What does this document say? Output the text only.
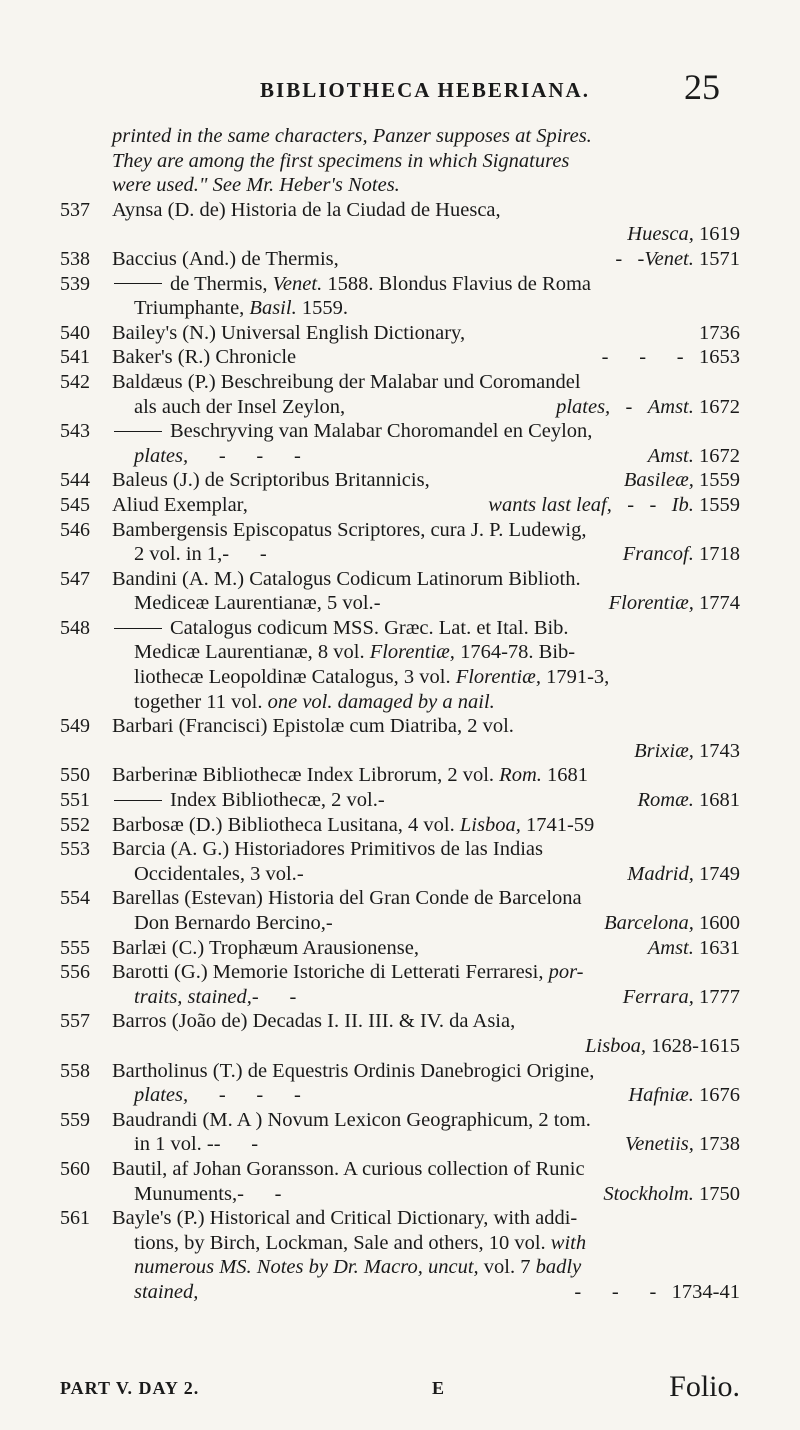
BIBLIOTHECA HEBERIANA.	25
printed in the same characters, Panzer supposes at Spires.
They are among the first specimens in which Signatures
were used." See Mr. Heber's Notes.
537	Aynsa (D. de) Historia de la Ciudad de Huesca,
Huesca, 1619
538	Baccius (And.) de Thermis,	-   -Venet. 1571
539	de Thermis, Venet. 1588. Blondus Flavius de Roma
Triumphante, Basil. 1559.
540	Bailey's (N.) Universal English Dictionary,	1736
541	Baker's (R.) Chronicle	-      -      -   1653
542	Baldæus (P.) Beschreibung der Malabar und Coromandel
als auch der Insel Zeylon,	plates,   -   Amst. 1672
543	Beschryving van Malabar Choromandel en Ceylon,
plates,      -      -      -	Amst. 1672
544	Baleus (J.) de Scriptoribus Britannicis,	Basileæ, 1559
545	Aliud Exemplar,	wants last leaf,   -   -   Ib. 1559
546	Bambergensis Episcopatus Scriptores, cura J. P. Ludewig,
2 vol. in 1,-      -	Francof. 1718
547	Bandini (A. M.) Catalogus Codicum Latinorum Biblioth.
Mediceæ Laurentianæ, 5 vol.-	Florentiæ, 1774
548	Catalogus codicum MSS. Græc. Lat. et Ital. Bib.
Medicæ Laurentianæ, 8 vol. Florentiæ, 1764-78. Bib-
liothecæ Leopoldinæ Catalogus, 3 vol. Florentiæ, 1791-3,
together 11 vol. one vol. damaged by a nail.
549	Barbari (Francisci) Epistolæ cum Diatriba, 2 vol.
Brixiæ, 1743
550	Barberinæ Bibliothecæ Index Librorum, 2 vol. Rom. 1681
551	Index Bibliothecæ, 2 vol.-	Romæ. 1681
552	Barbosæ (D.) Bibliotheca Lusitana, 4 vol. Lisboa, 1741-59
553	Barcia (A. G.) Historiadores Primitivos de las Indias
Occidentales, 3 vol.-	Madrid, 1749
554	Barellas (Estevan) Historia del Gran Conde de Barcelona
Don Bernardo Bercino,-	Barcelona, 1600
555	Barlæi (C.) Trophæum Arausionense,	Amst. 1631
556	Barotti (G.) Memorie Istoriche di Letterati Ferraresi, por-
traits, stained,-      -	Ferrara, 1777
557	Barros (João de) Decadas I. II. III. & IV. da Asia,
Lisboa, 1628-1615
558	Bartholinus (T.) de Equestris Ordinis Danebrogici Origine,
plates,      -      -      -	Hafniæ. 1676
559	Baudrandi (M. A ) Novum Lexicon Geographicum, 2 tom.
in 1 vol. --      -	Venetiis, 1738
560	Bautil, af Johan Goransson. A curious collection of Runic
Munuments,-      -	Stockholm. 1750
561	Bayle's (P.) Historical and Critical Dictionary, with addi-
tions, by Birch, Lockman, Sale and others, 10 vol. with
numerous MS. Notes by Dr. Macro, uncut, vol. 7 badly
stained,	-      -      -   1734-41
PART V. DAY 2.	E	Folio.
